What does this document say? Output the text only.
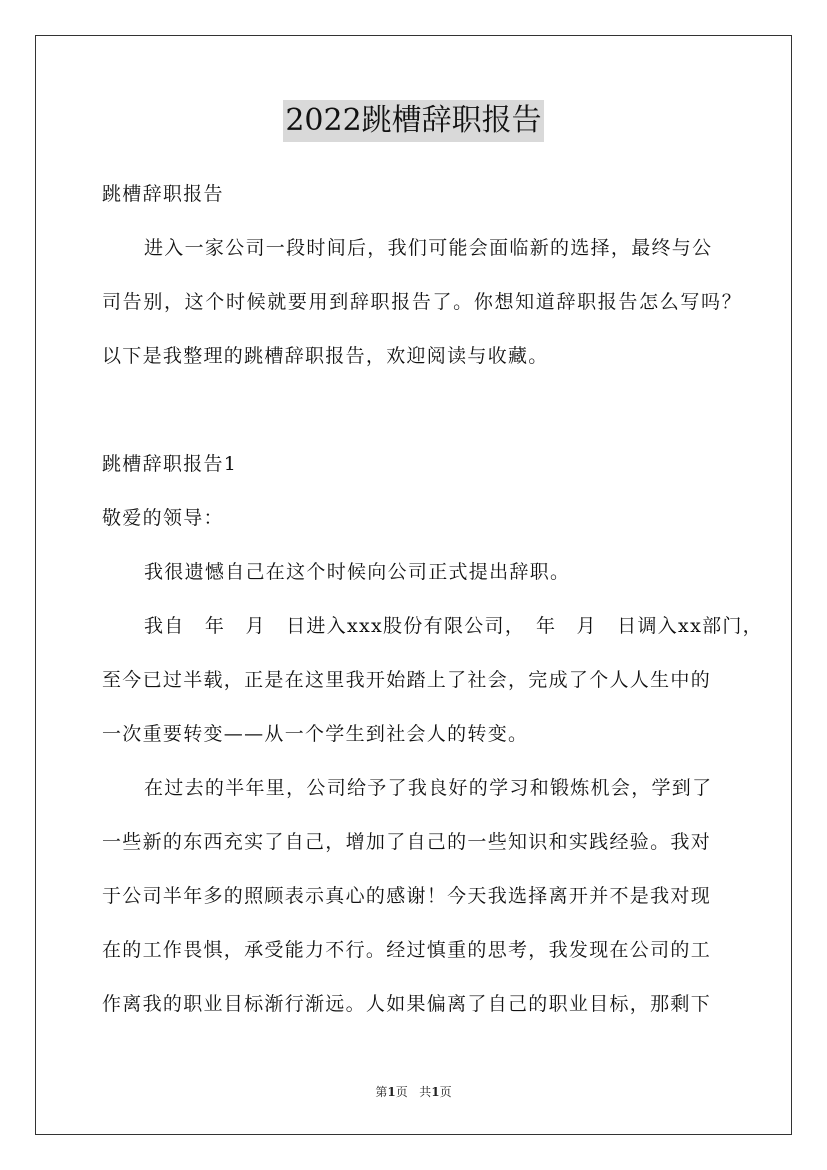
2022跳槽辞职报告
跳槽辞职报告
进入一家公司一段时间后，我们可能会面临新的选择，最终与公
司告别，这个时候就要用到辞职报告了。你想知道辞职报告怎么写吗？
以下是我整理的跳槽辞职报告，欢迎阅读与收藏。
跳槽辞职报告1
敬爱的领导：
我很遗憾自己在这个时候向公司正式提出辞职。
我自　年　月　日进入xxx股份有限公司，　年　月　日调入xx部门，
至今已过半载，正是在这里我开始踏上了社会，完成了个人人生中的
一次重要转变——从一个学生到社会人的转变。
在过去的半年里，公司给予了我良好的学习和锻炼机会，学到了
一些新的东西充实了自己，增加了自己的一些知识和实践经验。我对
于公司半年多的照顾表示真心的感谢！今天我选择离开并不是我对现
在的工作畏惧，承受能力不行。经过慎重的思考，我发现在公司的工
作离我的职业目标渐行渐远。人如果偏离了自己的职业目标，那剩下
第1页 共1页
